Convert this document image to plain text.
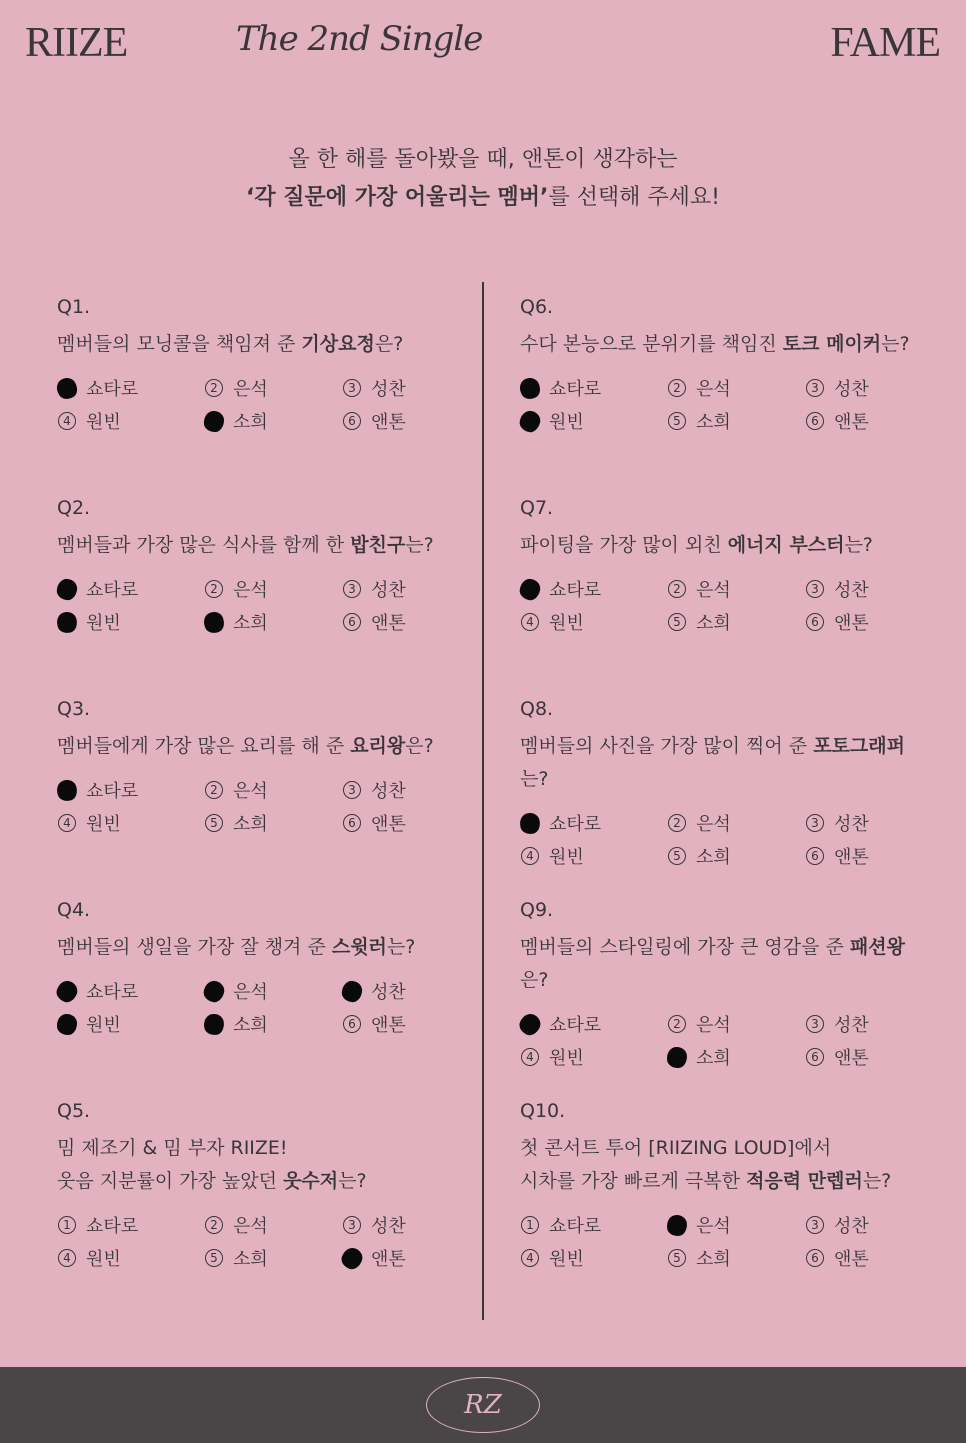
RIIZE	The 2nd Single	FAME
올 한 해를 돌아봤을 때, 앤톤이 생각하는
‘각 질문에 가장 어울리는 멤버’를 선택해 주세요!
Q1.
멤버들의 모닝콜을 책임져 준 기상요정은?
쇼타로	2 은석	3 성찬
4 원빈	소희	6 앤톤
Q2.
멤버들과 가장 많은 식사를 함께 한 밥친구는?
쇼타로	2 은석	3 성찬
원빈	소희	6 앤톤
Q3.
멤버들에게 가장 많은 요리를 해 준 요리왕은?
쇼타로	2 은석	3 성찬
4 원빈	5 소희	6 앤톤
Q4.
멤버들의 생일을 가장 잘 챙겨 준 스윗러는?
쇼타로	은석	성찬
원빈	소희	6 앤톤
Q5.
밈 제조기 & 밈 부자 RIIZE!
웃음 지분률이 가장 높았던 웃수저는?
1 쇼타로	2 은석	3 성찬
4 원빈	5 소희	앤톤
Q6.
수다 본능으로 분위기를 책임진 토크 메이커는?
쇼타로	2 은석	3 성찬
원빈	5 소희	6 앤톤
Q7.
파이팅을 가장 많이 외친 에너지 부스터는?
쇼타로	2 은석	3 성찬
4 원빈	5 소희	6 앤톤
Q8.
멤버들의 사진을 가장 많이 찍어 준 포토그래퍼는?
쇼타로	2 은석	3 성찬
4 원빈	5 소희	6 앤톤
Q9.
멤버들의 스타일링에 가장 큰 영감을 준 패션왕은?
쇼타로	2 은석	3 성찬
4 원빈	소희	6 앤톤
Q10.
첫 콘서트 투어 [RIIZING LOUD]에서
시차를 가장 빠르게 극복한 적응력 만렙러는?
1 쇼타로	은석	3 성찬
4 원빈	5 소희	6 앤톤
RZ
